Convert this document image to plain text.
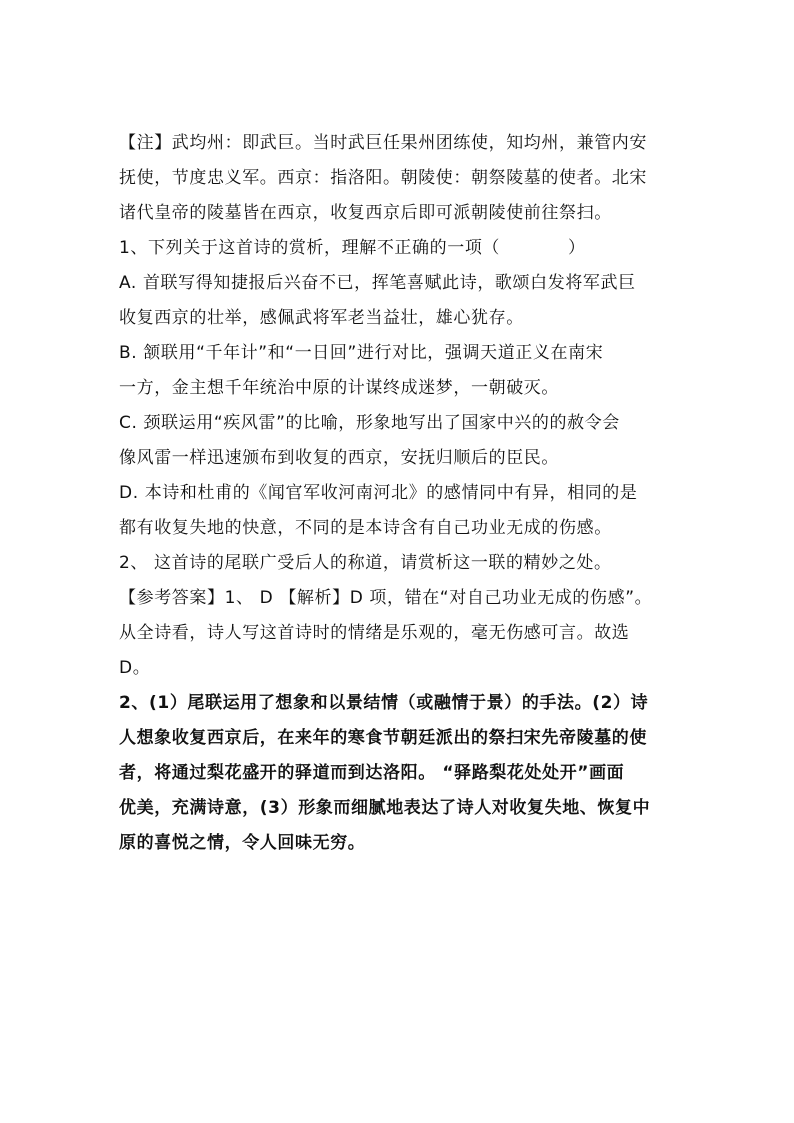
【注】武均州：即武巨。当时武巨任果州团练使，知均州，兼管内安
抚使，节度忠义军。西京：指洛阳。朝陵使：朝祭陵墓的使者。北宋
诸代皇帝的陵墓皆在西京，收复西京后即可派朝陵使前往祭扫。
1、下列关于这首诗的赏析，理解不正确的一项（	）
A. 首联写得知捷报后兴奋不已，挥笔喜赋此诗，歌颂白发将军武巨
收复西京的壮举，感佩武将军老当益壮，雄心犹存。
B. 颔联用“千年计”和“一日回”进行对比，强调天道正义在南宋
一方，金主想千年统治中原的计谋终成迷梦，一朝破灭。
C. 颈联运用“疾风雷”的比喻，形象地写出了国家中兴的的赦令会
像风雷一样迅速颁布到收复的西京，安抚归顺后的臣民。
D. 本诗和杜甫的《闻官军收河南河北》的感情同中有异，相同的是
都有收复失地的快意，不同的是本诗含有自己功业无成的伤感。
2、 这首诗的尾联广受后人的称道，请赏析这一联的精妙之处。
【参考答案】1、 D 【解析】D 项，错在“对自己功业无成的伤感”。
从全诗看，诗人写这首诗时的情绪是乐观的，毫无伤感可言。故选
D。
2、(1）尾联运用了想象和以景结情（或融情于景）的手法。(2）诗
人想象收复西京后，在来年的寒食节朝廷派出的祭扫宋先帝陵墓的使
者，将通过梨花盛开的驿道而到达洛阳。 “驿路梨花处处开”画面
优美，充满诗意，(3）形象而细腻地表达了诗人对收复失地、恢复中
原的喜悦之情，令人回味无穷。
